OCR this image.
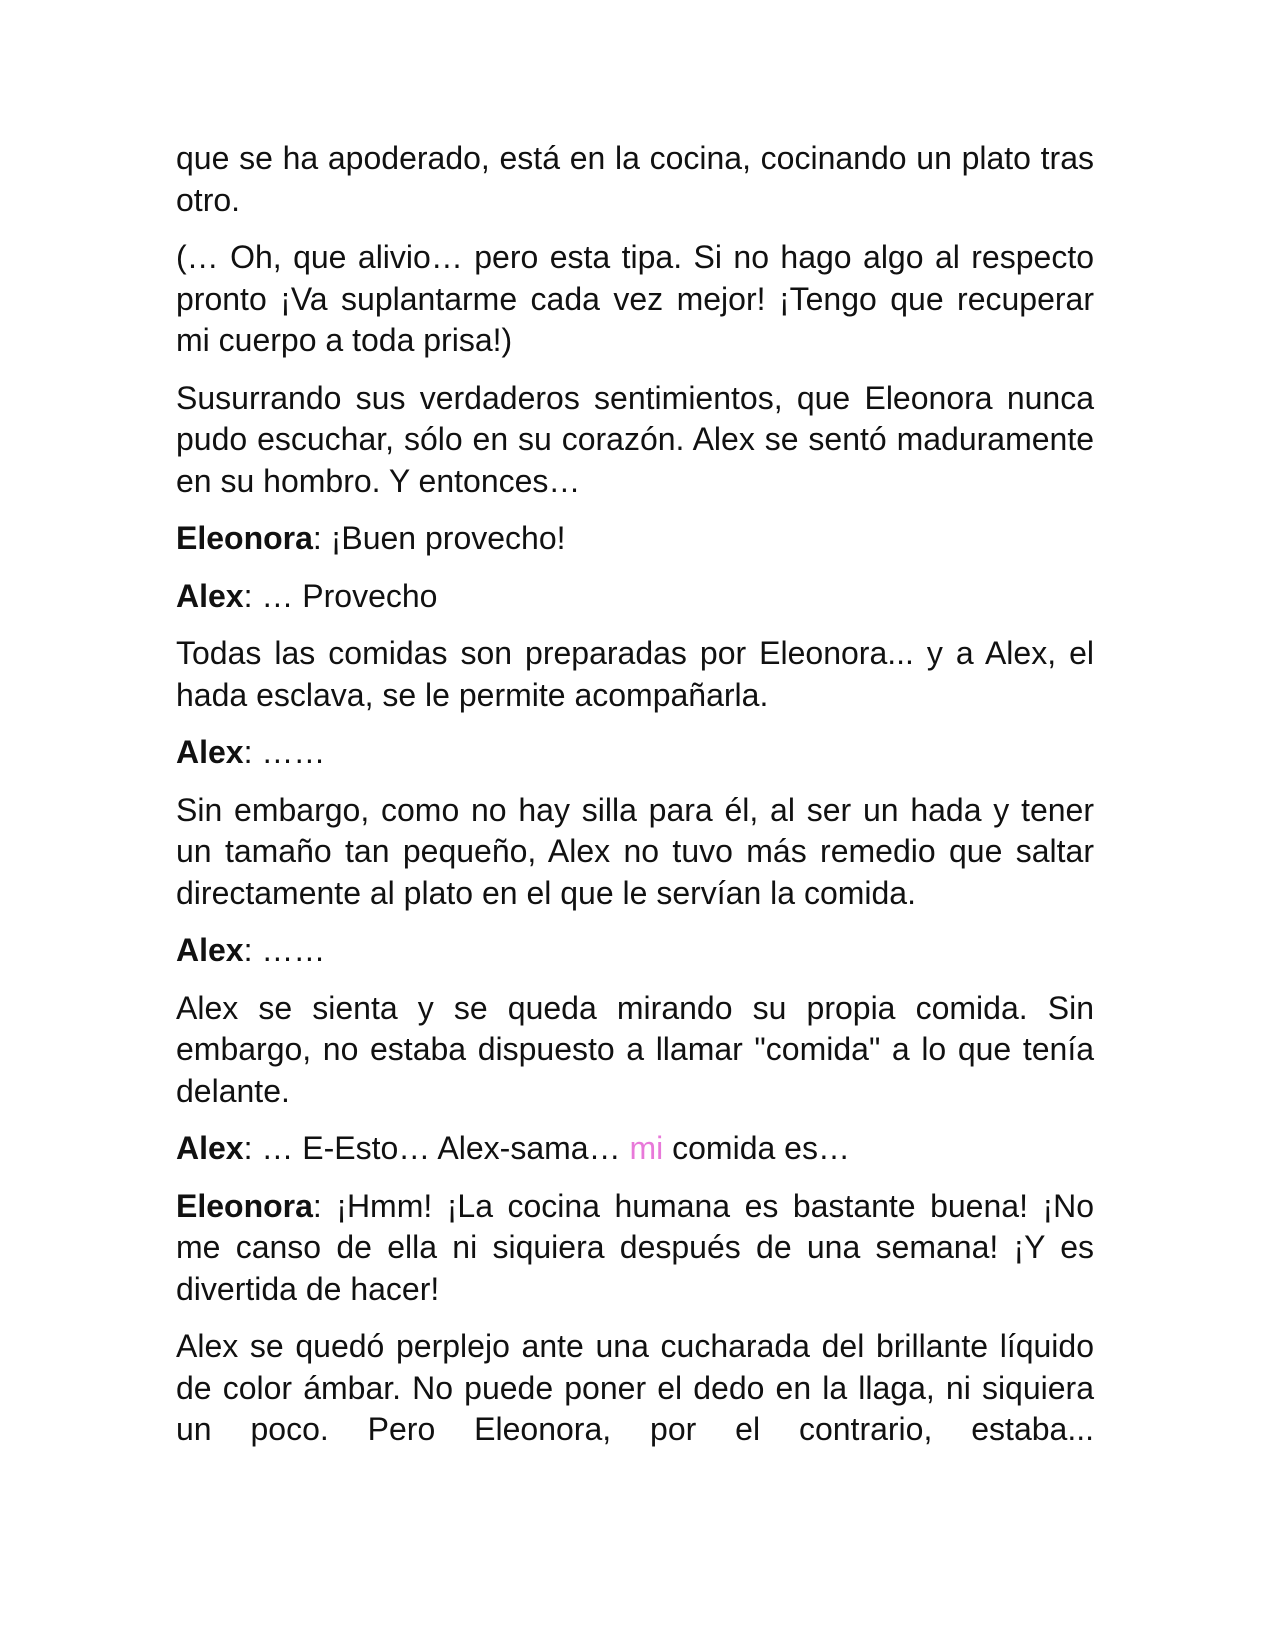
que se ha apoderado, está en la cocina, cocinando un plato tras otro.

(… Oh, que alivio… pero esta tipa. Si no hago algo al respecto pronto ¡Va suplantarme cada vez mejor! ¡Tengo que recuperar mi cuerpo a toda prisa!)

Susurrando sus verdaderos sentimientos, que Eleonora nunca pudo escuchar, sólo en su corazón. Alex se sentó maduramente en su hombro. Y entonces…

Eleonora: ¡Buen provecho!

Alex: … Provecho

Todas las comidas son preparadas por Eleonora... y a Alex, el hada esclava, se le permite acompañarla.

Alex: ……

Sin embargo, como no hay silla para él, al ser un hada y tener un tamaño tan pequeño, Alex no tuvo más remedio que saltar directamente al plato en el que le servían la comida.

Alex: ……

Alex se sienta y se queda mirando su propia comida. Sin embargo, no estaba dispuesto a llamar "comida" a lo que tenía delante.

Alex: … E-Esto… Alex-sama… mi comida es…

Eleonora: ¡Hmm! ¡La cocina humana es bastante buena! ¡No me canso de ella ni siquiera después de una semana! ¡Y es divertida de hacer!

Alex se quedó perplejo ante una cucharada del brillante líquido de color ámbar. No puede poner el dedo en la llaga, ni siquiera un poco. Pero Eleonora, por el contrario, estaba...
